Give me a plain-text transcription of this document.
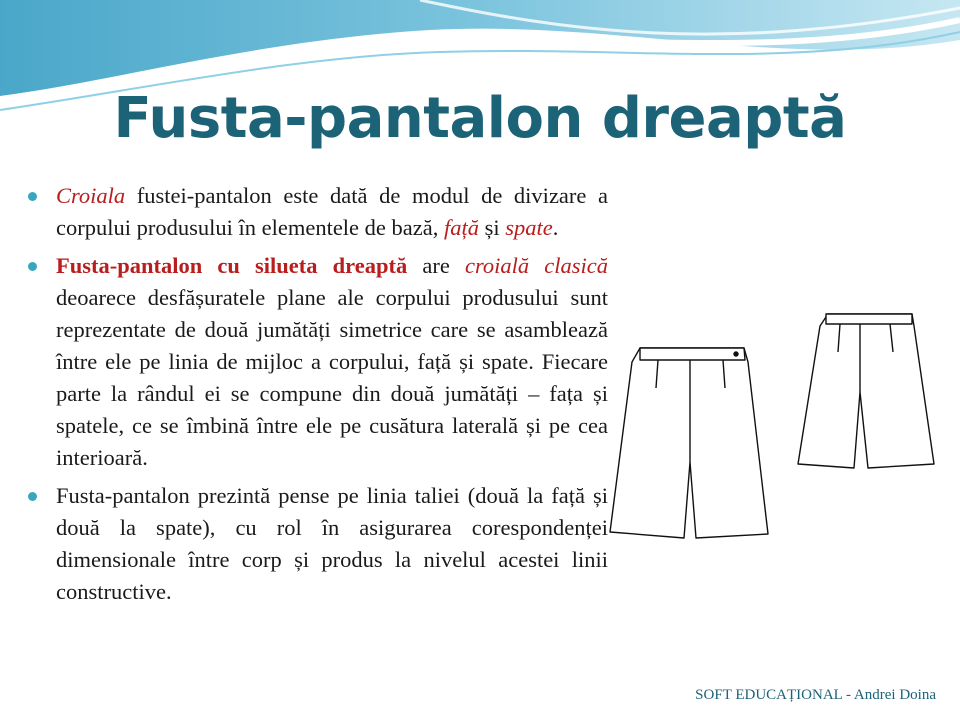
Fusta-pantalon dreaptă
Croiala fustei-pantalon este dată de modul de divizare a corpului produsului în elementele de bază, față și spate.
Fusta-pantalon cu silueta dreaptă are croială clasică deoarece desfășuratele plane ale corpului produsului sunt reprezentate de două jumătăți simetrice care se asamblează între ele pe linia de mijloc a corpului, față și spate. Fiecare parte la rândul ei se compune din două jumătăți – fața și spatele, ce se îmbină între ele pe cusătura laterală și pe cea interioară.
Fusta-pantalon prezintă pense pe linia taliei (două la față și două la spate), cu rol în asigurarea corespondenței dimensionale între corp și produs la nivelul acestei linii constructive.
SOFT EDUCAȚIONAL - Andrei Doina
